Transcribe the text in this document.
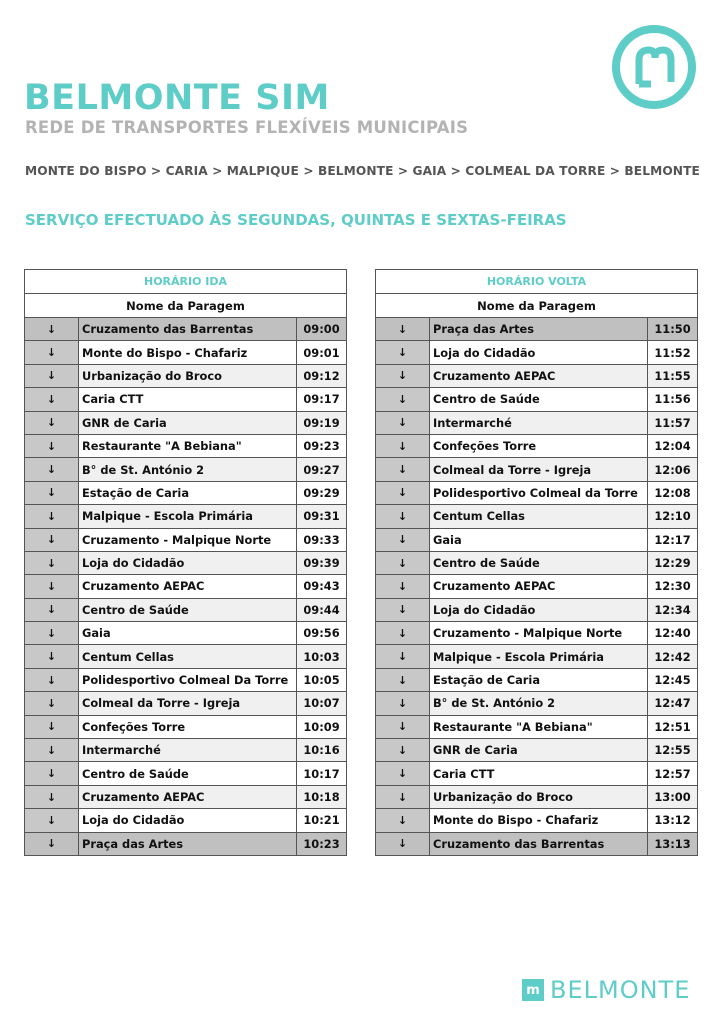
BELMONTE SIM
REDE DE TRANSPORTES FLEXÍVEIS MUNICIPAIS
MONTE DO BISPO > CARIA > MALPIQUE > BELMONTE > GAIA > COLMEAL DA TORRE > BELMONTE
SERVIÇO EFECTUADO ÀS SEGUNDAS, QUINTAS E SEXTAS-FEIRAS
HORÁRIO IDA		
Nome da Paragem		
↓	Cruzamento das Barrentas	09:00
↓	Monte do Bispo - Chafariz	09:01
↓	Urbanização do Broco	09:12
↓	Caria CTT	09:17
↓	GNR de Caria	09:19
↓	Restaurante "A Bebiana"	09:23
↓	B° de St. António 2	09:27
↓	Estação de Caria	09:29
↓	Malpique - Escola Primária	09:31
↓	Cruzamento - Malpique Norte	09:33
↓	Loja do Cidadão	09:39
↓	Cruzamento AEPAC	09:43
↓	Centro de Saúde	09:44
↓	Gaia	09:56
↓	Centum Cellas	10:03
↓	Polidesportivo Colmeal Da Torre	10:05
↓	Colmeal da Torre - Igreja	10:07
↓	Confeções Torre	10:09
↓	Intermarché	10:16
↓	Centro de Saúde	10:17
↓	Cruzamento AEPAC	10:18
↓	Loja do Cidadão	10:21
↓	Praça das Artes	10:23
HORÁRIO VOLTA		
Nome da Paragem		
↓	Praça das Artes	11:50
↓	Loja do Cidadão	11:52
↓	Cruzamento AEPAC	11:55
↓	Centro de Saúde	11:56
↓	Intermarché	11:57
↓	Confeções Torre	12:04
↓	Colmeal da Torre - Igreja	12:06
↓	Polidesportivo Colmeal da Torre	12:08
↓	Centum Cellas	12:10
↓	Gaia	12:17
↓	Centro de Saúde	12:29
↓	Cruzamento AEPAC	12:30
↓	Loja do Cidadão	12:34
↓	Cruzamento - Malpique Norte	12:40
↓	Malpique - Escola Primária	12:42
↓	Estação de Caria	12:45
↓	B° de St. António 2	12:47
↓	Restaurante "A Bebiana"	12:51
↓	GNR de Caria	12:55
↓	Caria CTT	12:57
↓	Urbanização do Broco	13:00
↓	Monte do Bispo - Chafariz	13:12
↓	Cruzamento das Barrentas	13:13
m BELMONTE
